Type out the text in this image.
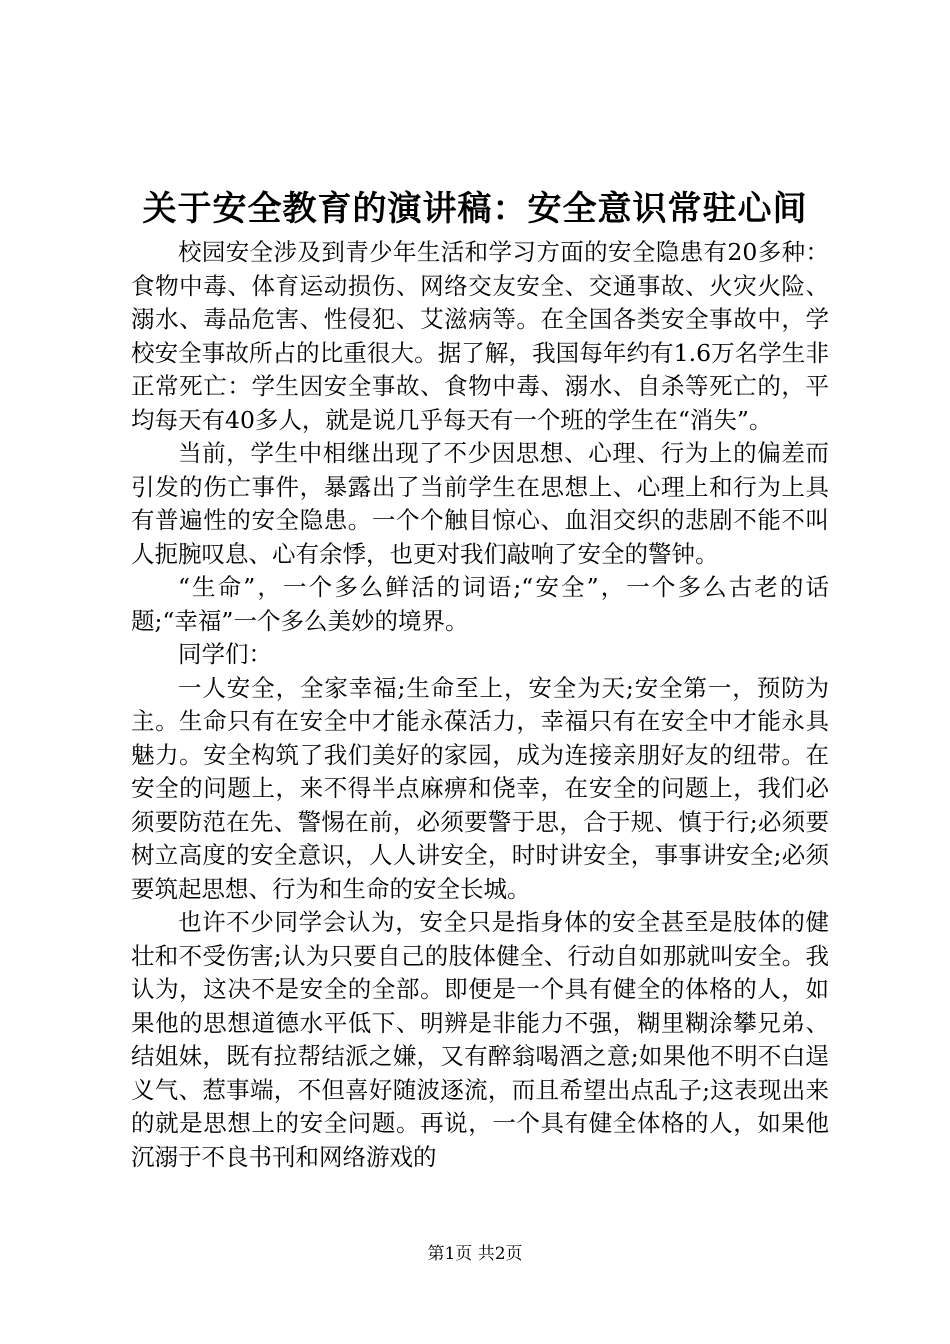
关于安全教育的演讲稿：安全意识常驻心间

校园安全涉及到青少年生活和学习方面的安全隐患有20多种：食物中毒、体育运动损伤、网络交友安全、交通事故、火灾火险、溺水、毒品危害、性侵犯、艾滋病等。在全国各类安全事故中，学校安全事故所占的比重很大。据了解，我国每年约有1.6万名学生非正常死亡：学生因安全事故、食物中毒、溺水、自杀等死亡的，平均每天有40多人，就是说几乎每天有一个班的学生在“消失”。

当前，学生中相继出现了不少因思想、心理、行为上的偏差而引发的伤亡事件，暴露出了当前学生在思想上、心理上和行为上具有普遍性的安全隐患。一个个触目惊心、血泪交织的悲剧不能不叫人扼腕叹息、心有余悸，也更对我们敲响了安全的警钟。

“生命”，一个多么鲜活的词语;“安全”，一个多么古老的话题;“幸福”一个多么美妙的境界。

同学们：

一人安全，全家幸福;生命至上，安全为天;安全第一，预防为主。生命只有在安全中才能永葆活力，幸福只有在安全中才能永具魅力。安全构筑了我们美好的家园，成为连接亲朋好友的纽带。在安全的问题上，来不得半点麻痹和侥幸，在安全的问题上，我们必须要防范在先、警惕在前，必须要警于思，合于规、慎于行;必须要树立高度的安全意识，人人讲安全，时时讲安全，事事讲安全;必须要筑起思想、行为和生命的安全长城。

也许不少同学会认为，安全只是指身体的安全甚至是肢体的健壮和不受伤害;认为只要自己的肢体健全、行动自如那就叫安全。我认为，这决不是安全的全部。即便是一个具有健全的体格的人，如果他的思想道德水平低下、明辨是非能力不强，糊里糊涂攀兄弟、结姐妹，既有拉帮结派之嫌，又有醉翁喝酒之意;如果他不明不白逞义气、惹事端，不但喜好随波逐流，而且希望出点乱子;这表现出来的就是思想上的安全问题。再说，一个具有健全体格的人，如果他沉溺于不良书刊和网络游戏的

第1页 共2页
